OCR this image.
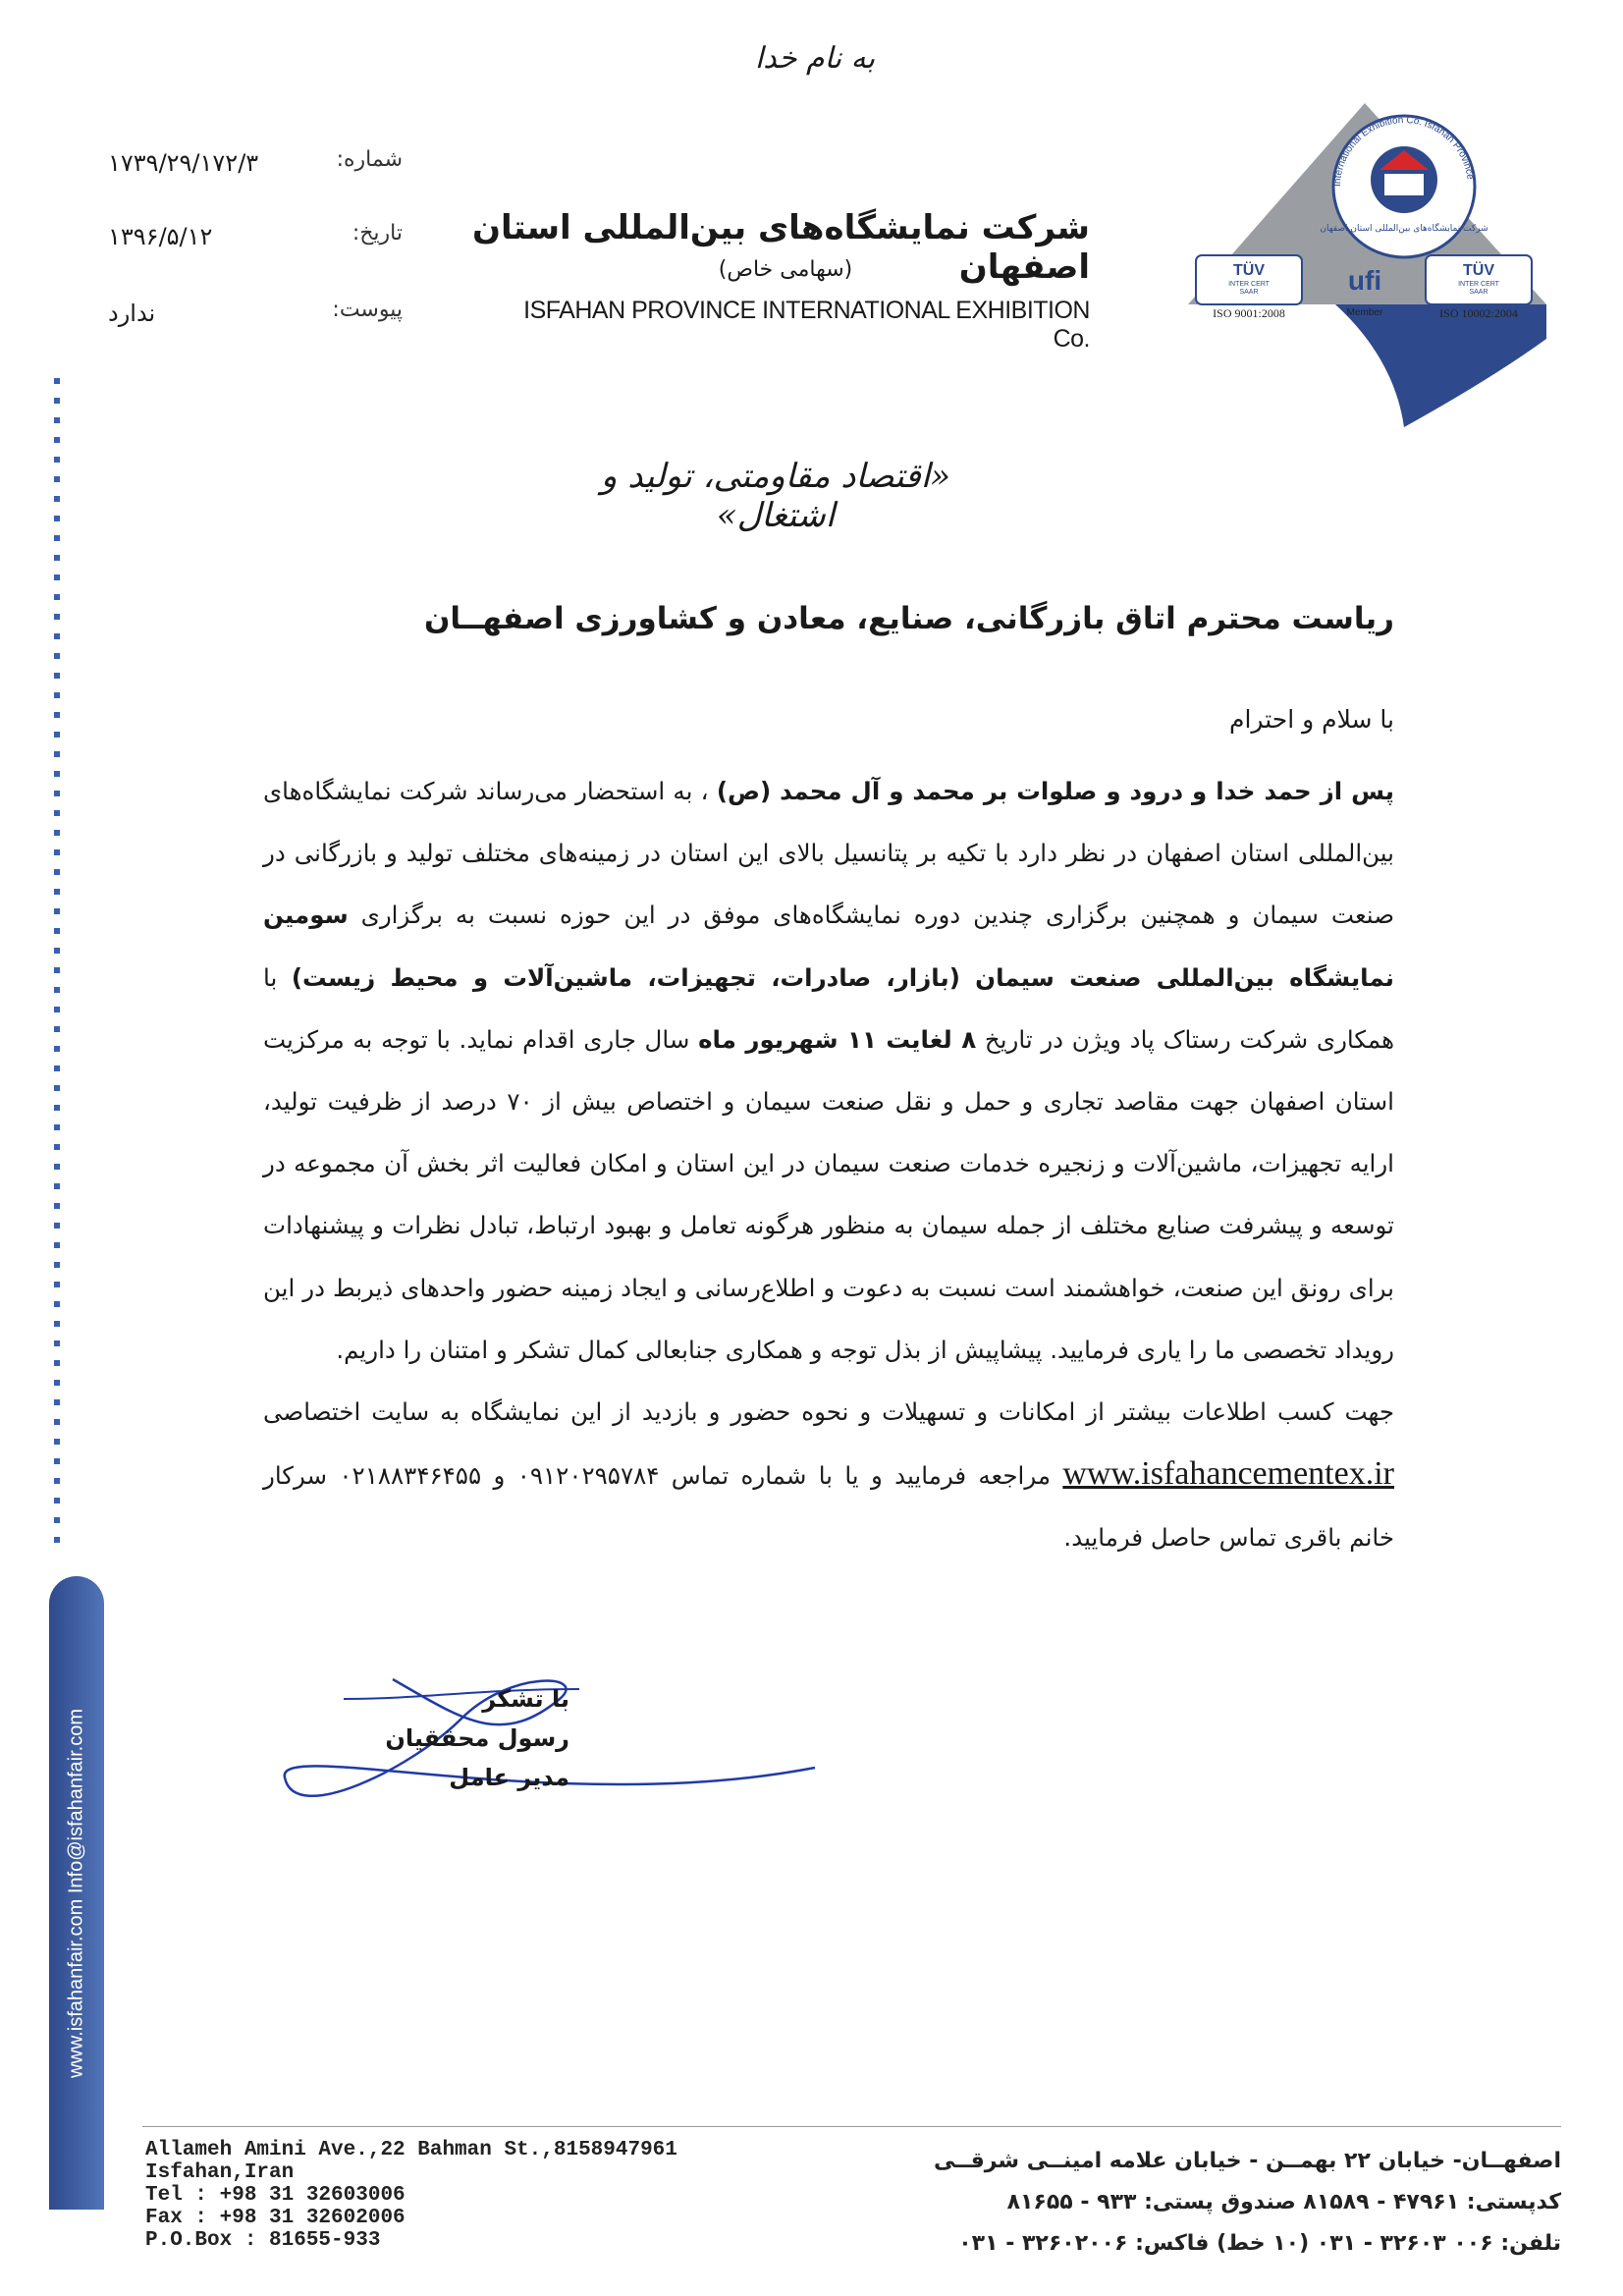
به نام خدا
شماره:
۱۷۳۹/۲۹/۱۷۲/۳
تاریخ:
۱۳۹۶/۵/۱۲
پیوست:
ندارد
شرکت نمایشگاه‌های بین‌المللی استان اصفهان
(سهامی خاص)
ISFAHAN PROVINCE INTERNATIONAL EXHIBITION Co.
شرکت نمایشگاه‌های بین‌المللی استان اصفهان
International Exhibition Co. Isfahan Province
TÜV
INTER CERT
SAAR
ISO 9001:2008
ufi
Member
TÜV
INTER CERT
SAAR
ISO 10002:2004
«اقتصاد مقاومتی، تولید و اشتغال»
ریاست محترم اتاق بازرگانی، صنایع، معادن و کشاورزی اصفهــان
با سلام و احترام

پس از حمد خدا و درود و صلوات بر محمد و آل محمد (ص) ، به استحضار می‌رساند شرکت نمایشگاه‌های بین‌المللی استان اصفهان در نظر دارد با تکیه بر پتانسیل بالای این استان در زمینه‌های مختلف تولید و بازرگانی در صنعت سیمان و همچنین برگزاری چندین دوره نمایشگاه‌های موفق در این حوزه نسبت به برگزاری سومین نمایشگاه بین‌المللی صنعت سیمان (بازار، صادرات، تجهیزات، ماشین‌آلات و محیط زیست) با همکاری شرکت رستاک پاد ویژن در تاریخ ۸ لغایت ۱۱ شهریور ماه سال جاری اقدام نماید. با توجه به مرکزیت استان اصفهان جهت مقاصد تجاری و حمل و نقل صنعت سیمان و اختصاص بیش از ۷۰ درصد از ظرفیت تولید، ارایه تجهیزات، ماشین‌آلات و زنجیره خدمات صنعت سیمان در این استان و امکان فعالیت اثر بخش آن مجموعه در توسعه و پیشرفت صنایع مختلف از جمله سیمان به منظور هرگونه تعامل و بهبود ارتباط، تبادل نظرات و پیشنهادات برای رونق این صنعت، خواهشمند است نسبت به دعوت و اطلاع‌رسانی و ایجاد زمینه حضور واحدهای ذیربط در این رویداد تخصصی ما را یاری فرمایید. پیشاپیش از بذل توجه و همکاری جنابعالی کمال تشکر و امتنان را داریم.

جهت کسب اطلاعات بیشتر از امکانات و تسهیلات و نحوه حضور و بازدید از این نمایشگاه به سایت اختصاصی www.isfahancementex.ir مراجعه فرمایید و یا با شماره تماس ۰۹۱۲۰۲۹۵۷۸۴ و ۰۲۱۸۸۳۴۶۴۵۵ سرکار خانم باقری تماس حاصل فرمایید.

با تشکر
رسول محققیان
مدیر عامل
www.isfahanfair.com Info@isfahanfair.com
Allameh Amini Ave.,22 Bahman St.,8158947961
Isfahan,Iran
Tel : +98 31 32603006
Fax : +98 31 32602006
P.O.Box : 81655-933
اصفهــان- خیابان ۲۲ بهمــن - خیابان علامه امینــی شرقــی
کدپستی: ۴۷۹۶۱ - ۸۱۵۸۹ صندوق پستی: ۹۳۳ - ۸۱۶۵۵
تلفن: ۰۰۶ ۳۲۶۰۳ - ۰۳۱ (۱۰ خط) فاکس: ۳۲۶۰۲۰۰۶ - ۰۳۱
